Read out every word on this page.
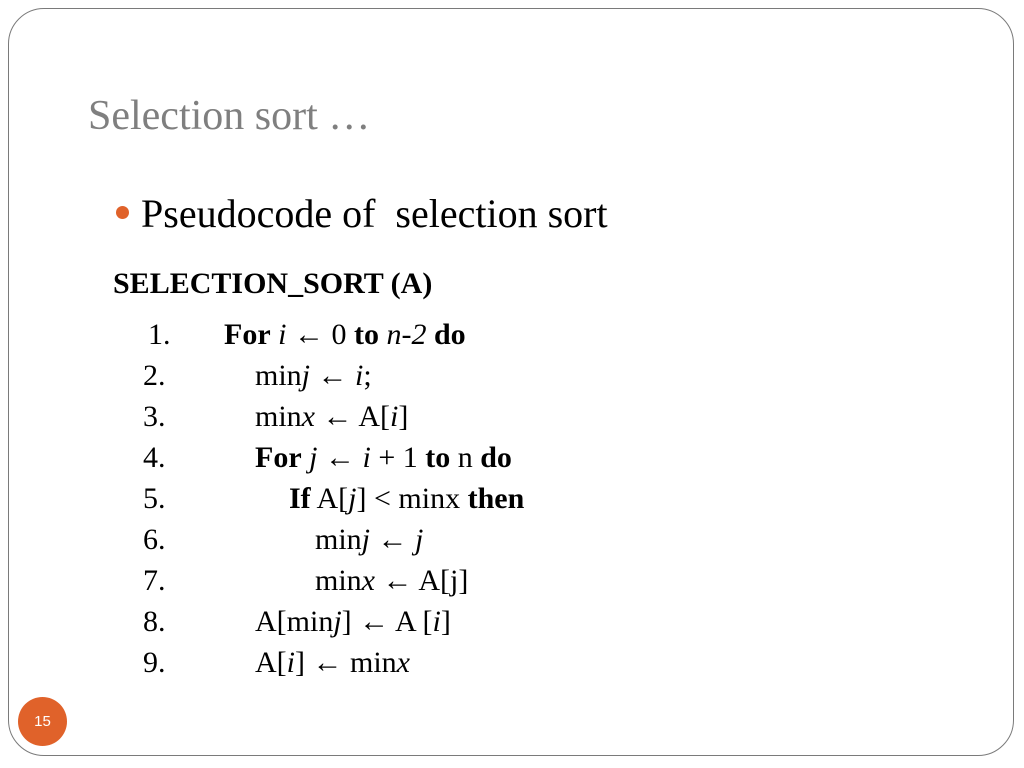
Selection sort …
Pseudocode of  selection sort
SELECTION_SORT (A)
1. For i ← 0 to n-2 do
2.	minj ← i;
3.	minx ← A[i]
4.	For j ← i + 1 to n do
5.	If A[j] < minx then
6.	minj ← j
7.	minx ← A[j]
8.	A[minj] ← A [i]
9.	A[i] ← minx
15
